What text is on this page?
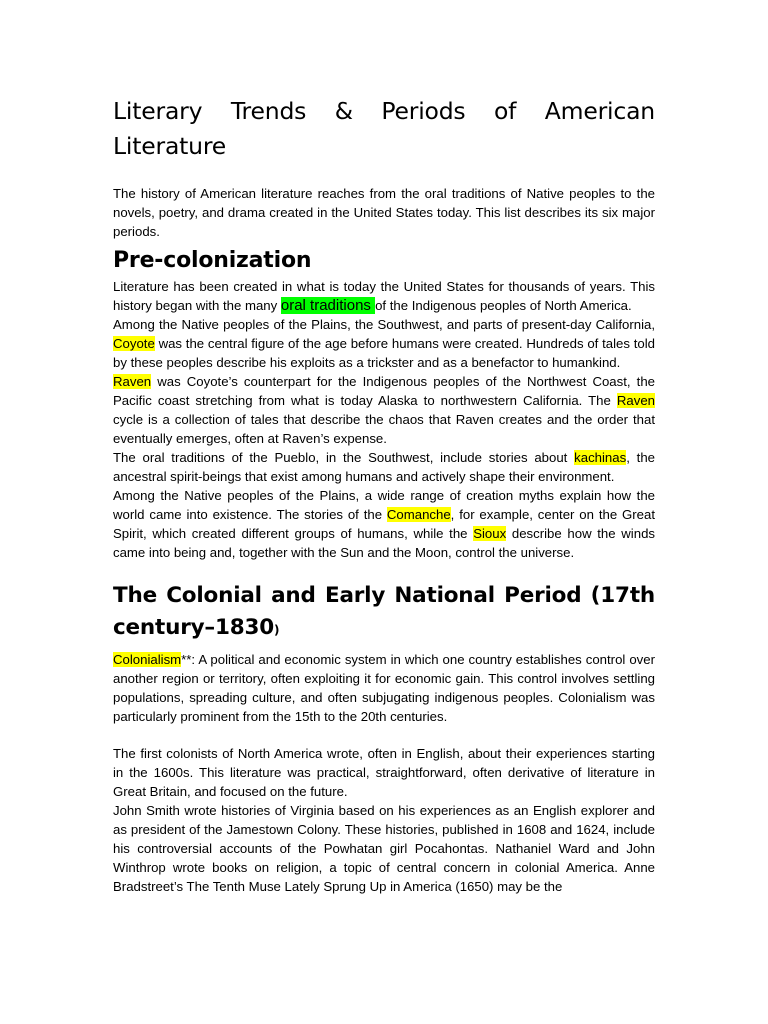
Literary Trends & Periods of American Literature

The history of American literature reaches from the oral traditions of Native peoples to the novels, poetry, and drama created in the United States today. This list describes its six major periods.

Pre-colonization

Literature has been created in what is today the United States for thousands of years. This history began with the many oral traditions of the Indigenous peoples of North America.

Among the Native peoples of the Plains, the Southwest, and parts of present-day California, Coyote was the central figure of the age before humans were created. Hundreds of tales told by these peoples describe his exploits as a trickster and as a benefactor to humankind.

Raven was Coyote’s counterpart for the Indigenous peoples of the Northwest Coast, the Pacific coast stretching from what is today Alaska to northwestern California. The Raven cycle is a collection of tales that describe the chaos that Raven creates and the order that eventually emerges, often at Raven’s expense.

The oral traditions of the Pueblo, in the Southwest, include stories about kachinas, the ancestral spirit-beings that exist among humans and actively shape their environment.

Among the Native peoples of the Plains, a wide range of creation myths explain how the world came into existence. The stories of the Comanche, for example, center on the Great Spirit, which created different groups of humans, while the Sioux describe how the winds came into being and, together with the Sun and the Moon, control the universe.

The Colonial and Early National Period (17th century–1830)

Colonialism**: A political and economic system in which one country establishes control over another region or territory, often exploiting it for economic gain. This control involves settling populations, spreading culture, and often subjugating indigenous peoples. Colonialism was particularly prominent from the 15th to the 20th centuries.

The first colonists of North America wrote, often in English, about their experiences starting in the 1600s. This literature was practical, straightforward, often derivative of literature in Great Britain, and focused on the future.

John Smith wrote histories of Virginia based on his experiences as an English explorer and as president of the Jamestown Colony. These histories, published in 1608 and 1624, include his controversial accounts of the Powhatan girl Pocahontas. Nathaniel Ward and John Winthrop wrote books on religion, a topic of central concern in colonial America. Anne Bradstreet’s The Tenth Muse Lately Sprung Up in America (1650) may be the
